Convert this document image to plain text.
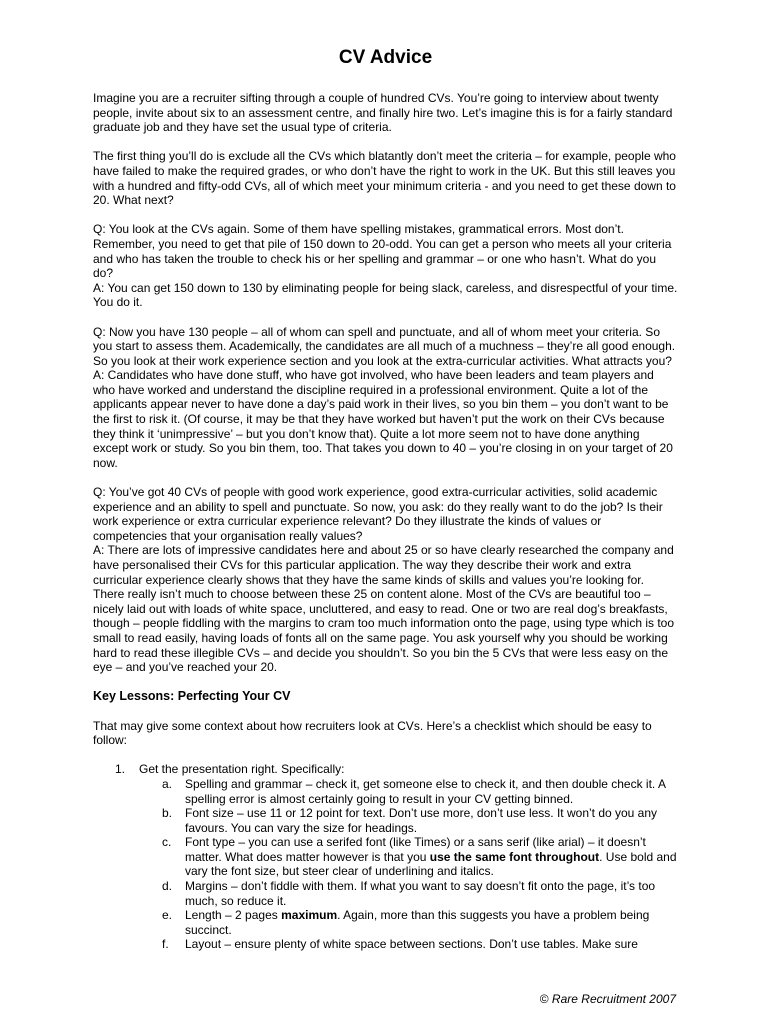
CV Advice

Imagine you are a recruiter sifting through a couple of hundred CVs. You’re going to interview about twenty people, invite about six to an assessment centre, and finally hire two. Let’s imagine this is for a fairly standard graduate job and they have set the usual type of criteria.

The first thing you’ll do is exclude all the CVs which blatantly don’t meet the criteria – for example, people who have failed to make the required grades, or who don’t have the right to work in the UK. But this still leaves you with a hundred and fifty-odd CVs, all of which meet your minimum criteria - and you need to get these down to 20. What next?

Q: You look at the CVs again. Some of them have spelling mistakes, grammatical errors. Most don’t. Remember, you need to get that pile of 150 down to 20-odd. You can get a person who meets all your criteria and who has taken the trouble to check his or her spelling and grammar – or one who hasn’t. What do you do?

A: You can get 150 down to 130 by eliminating people for being slack, careless, and disrespectful of your time. You do it.

Q: Now you have 130 people – all of whom can spell and punctuate, and all of whom meet your criteria. So you start to assess them. Academically, the candidates are all much of a muchness – they’re all good enough. So you look at their work experience section and you look at the extra-curricular activities. What attracts you?

A: Candidates who have done stuff, who have got involved, who have been leaders and team players and who have worked and understand the discipline required in a professional environment. Quite a lot of the applicants appear never to have done a day’s paid work in their lives, so you bin them – you don’t want to be the first to risk it. (Of course, it may be that they have worked but haven’t put the work on their CVs because they think it ‘unimpressive’ – but you don’t know that). Quite a lot more seem not to have done anything except work or study. So you bin them, too. That takes you down to 40 – you’re closing in on your target of 20 now.

Q: You’ve got 40 CVs of people with good work experience, good extra-curricular activities, solid academic experience and an ability to spell and punctuate. So now, you ask: do they really want to do the job? Is their work experience or extra curricular experience relevant? Do they illustrate the kinds of values or competencies that your organisation really values?

A: There are lots of impressive candidates here and about 25 or so have clearly researched the company and have personalised their CVs for this particular application. The way they describe their work and extra curricular experience clearly shows that they have the same kinds of skills and values you’re looking for. There really isn’t much to choose between these 25 on content alone. Most of the CVs are beautiful too – nicely laid out with loads of white space, uncluttered, and easy to read. One or two are real dog’s breakfasts, though – people fiddling with the margins to cram too much information onto the page, using type which is too small to read easily, having loads of fonts all on the same page. You ask yourself why you should be working hard to read these illegible CVs – and decide you shouldn’t. So you bin the 5 CVs that were less easy on the eye – and you’ve reached your 20.

Key Lessons: Perfecting Your CV

That may give some context about how recruiters look at CVs. Here’s a checklist which should be easy to follow:

1. Get the presentation right. Specifically:
a. Spelling and grammar – check it, get someone else to check it, and then double check it. A spelling error is almost certainly going to result in your CV getting binned.
b. Font size – use 11 or 12 point for text. Don’t use more, don’t use less. It won’t do you any favours. You can vary the size for headings.
c. Font type – you can use a serifed font (like Times) or a sans serif (like arial) – it doesn’t matter. What does matter however is that you use the same font throughout. Use bold and vary the font size, but steer clear of underlining and italics.
d. Margins – don’t fiddle with them. If what you want to say doesn’t fit onto the page, it’s too much, so reduce it.
e. Length – 2 pages maximum. Again, more than this suggests you have a problem being succinct.
f. Layout – ensure plenty of white space between sections. Don’t use tables. Make sure
© Rare Recruitment 2007
